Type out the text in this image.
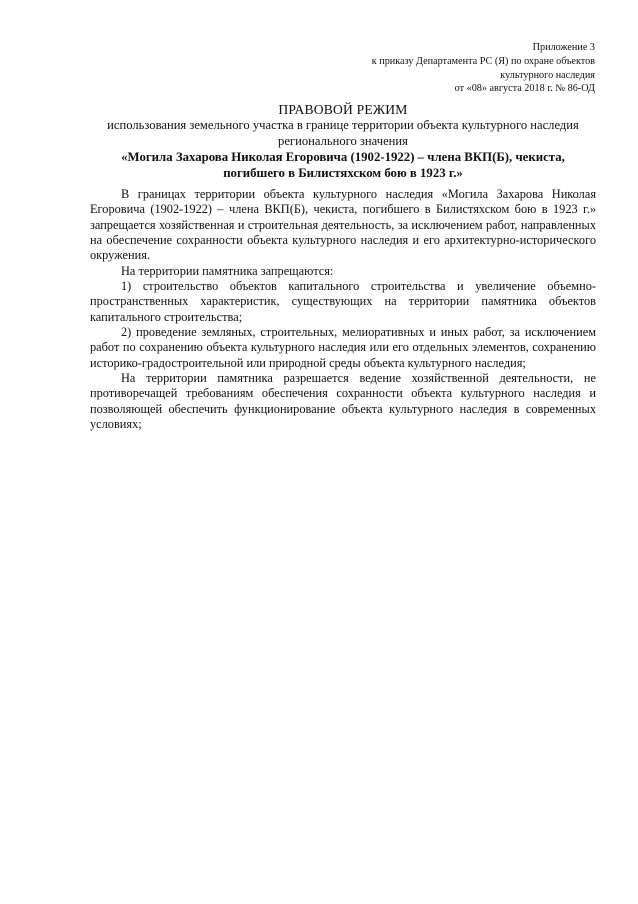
Приложение 3
к приказу Департамента РС (Я) по охране объектов
культурного наследия
от «08» августа 2018 г. № 86-ОД
ПРАВОВОЙ РЕЖИМ
использования земельного участка в границе территории объекта культурного наследия
регионального значения
«Могила Захарова Николая Егоровича (1902-1922) – члена ВКП(Б), чекиста,
погибшего в Билистяхском бою в 1923 г.»

В границах территории объекта культурного наследия «Могила Захарова Николая Егоровича (1902-1922) – члена ВКП(Б), чекиста, погибшего в Билистяхском бою в 1923 г.» запрещается хозяйственная и строительная деятельность, за исключением работ, направленных на обеспечение сохранности объекта культурного наследия и его архитектурно-исторического окружения.

На территории памятника запрещаются:

1) строительство объектов капитального строительства и увеличение объемно-пространственных характеристик, существующих на территории памятника объектов капитального строительства;

2) проведение земляных, строительных, мелиоративных и иных работ, за исключением работ по сохранению объекта культурного наследия или его отдельных элементов, сохранению историко-градостроительной или природной среды объекта культурного наследия;

На территории памятника разрешается ведение хозяйственной деятельности, не противоречащей требованиям обеспечения сохранности объекта культурного наследия и позволяющей обеспечить функционирование объекта культурного наследия в современных условиях;
